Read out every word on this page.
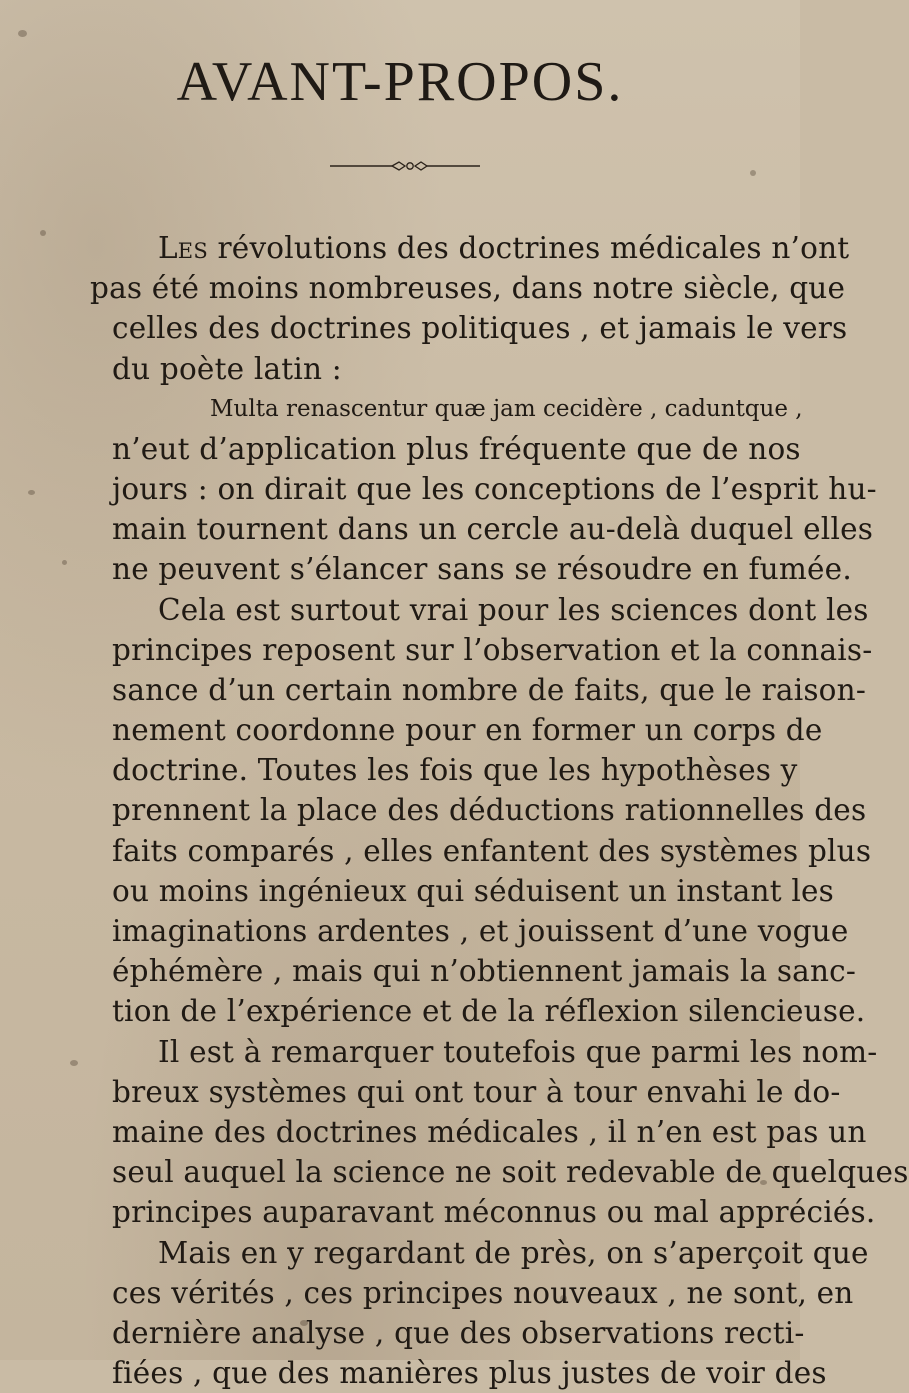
AVANT-PROPOS.
Les révolutions des doctrines médicales n’ont
pas été moins nombreuses, dans notre siècle, que
celles des doctrines politiques , et jamais le vers
du poète latin :
Multa renascentur quæ jam cecidère , caduntque ,
n’eut d’application plus fréquente que de nos
jours : on dirait que les conceptions de l’esprit hu-
main tournent dans un cercle au-delà duquel elles
ne peuvent s’élancer sans se résoudre en fumée.
Cela est surtout vrai pour les sciences dont les
principes reposent sur l’observation et la connais-
sance d’un certain nombre de faits, que le raison-
nement coordonne pour en former un corps de
doctrine. Toutes les fois que les hypothèses y
prennent la place des déductions rationnelles des
faits comparés , elles enfantent des systèmes plus
ou moins ingénieux qui séduisent un instant les
imaginations ardentes , et jouissent d’une vogue
éphémère , mais qui n’obtiennent jamais la sanc-
tion de l’expérience et de la réflexion silencieuse.
Il est à remarquer toutefois que parmi les nom-
breux systèmes qui ont tour à tour envahi le do-
maine des doctrines médicales , il n’en est pas un
seul auquel la science ne soit redevable de quelques
principes auparavant méconnus ou mal appréciés.
Mais en y regardant de près, on s’aperçoit que
ces vérités , ces principes nouveaux , ne sont, en
dernière analyse , que des observations recti-
fiées , que des manières plus justes de voir des
